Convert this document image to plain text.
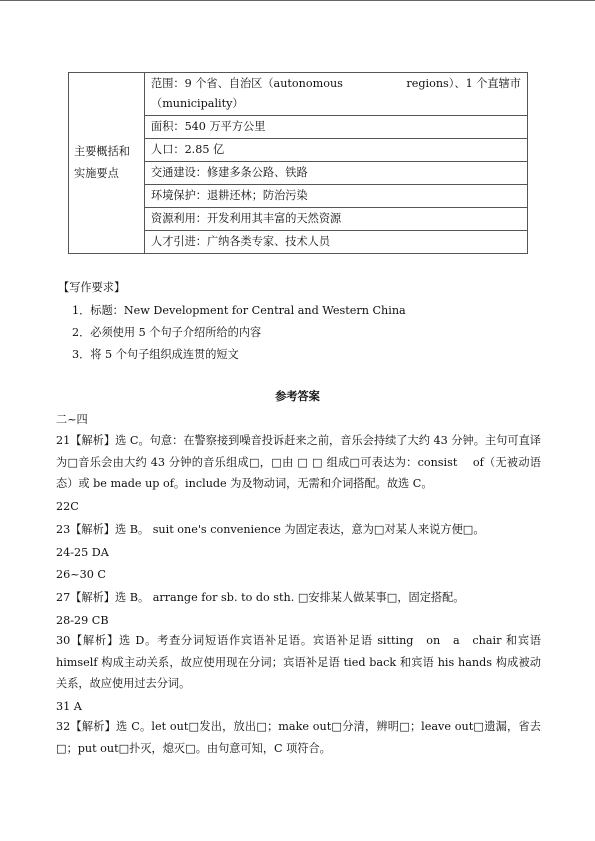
主要概括和实施要点	
范围：9 个省、自治区（autonomous	regions）、1 个直辖市
（municipality）

面积：540 万平方公里
人口：2.85 亿
交通建设：修建多条公路、铁路
环境保护：退耕还林；防治污染
资源利用：开发利用其丰富的天然资源
人才引进：广纳各类专家、技术人员
【写作要求】
1．标题：New Development for Central and Western China
2．必须使用 5 个句子介绍所给的内容
3．将 5 个句子组织成连贯的短文
参考答案
二~四
21【解析】选 C。句意：在警察接到噪音投诉赶来之前，音乐会持续了大约 43 分钟。主句可直译为□音乐会由大约 43 分钟的音乐组成□，□由 □ □ 组成□可表达为：consist　 of（无被动语态）或 be made up of。include 为及物动词，无需和介词搭配。故选 C。
22C
23【解析】选 B。 suit one's convenience 为固定表达，意为□对某人来说方便□。
24-25 DA
26~30 C
27【解析】选 B。 arrange for sb. to do sth. □安排某人做某事□，固定搭配。
28-29 CB
30【解析】选 D。考查分词短语作宾语补足语。宾语补足语 sitting　on　a　chair 和宾语 himself 构成主动关系，故应使用现在分词；宾语补足语 tied back 和宾语 his hands 构成被动关系，故应使用过去分词。
31 A
32【解析】选 C。let out□发出，放出□；make out□分清，辨明□；leave out□遗漏，省去□；put out□扑灭，熄灭□。由句意可知，C 项符合。
